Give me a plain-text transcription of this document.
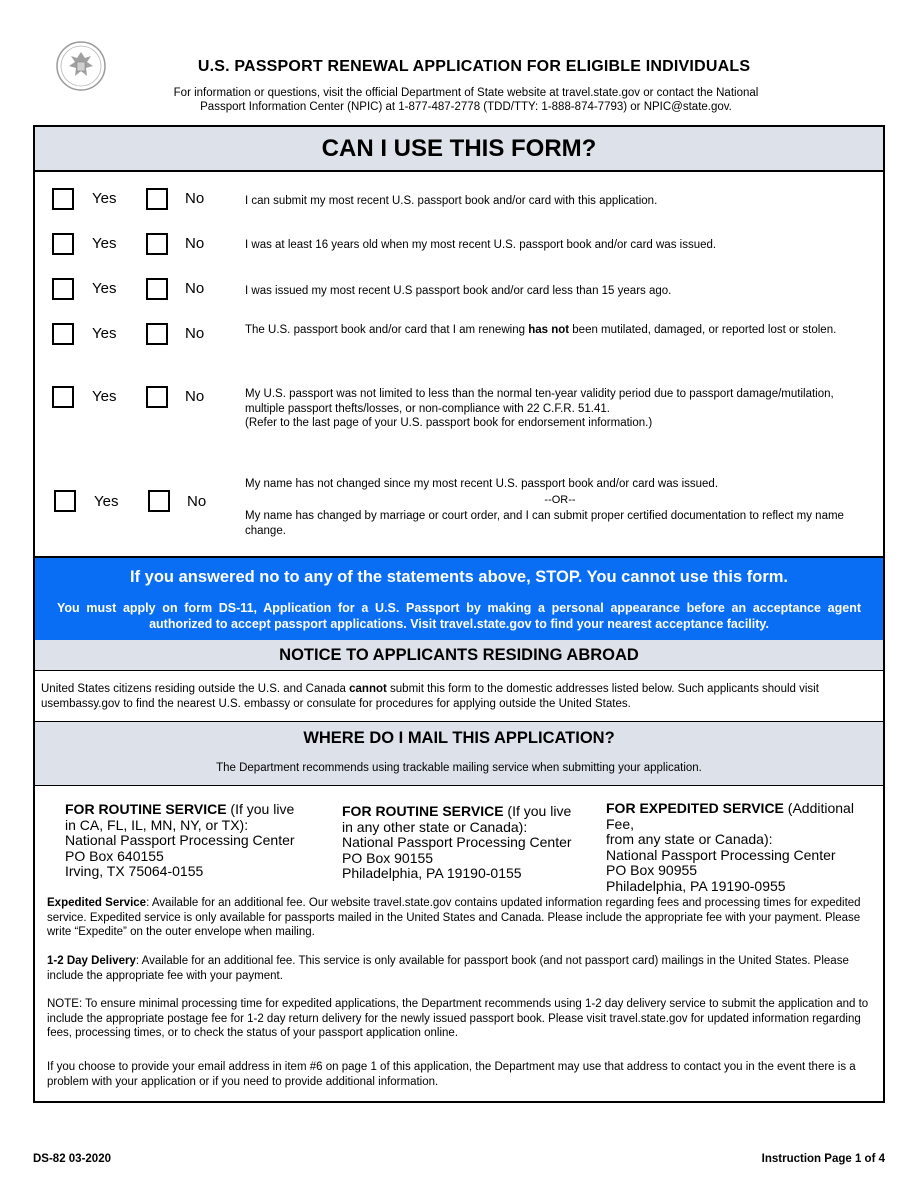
U.S. PASSPORT RENEWAL APPLICATION FOR ELIGIBLE INDIVIDUALS
For information or questions, visit the official Department of State website at travel.state.gov or contact the National
Passport Information Center (NPIC) at 1-877-487-2778 (TDD/TTY: 1-888-874-7793) or NPIC@state.gov.
CAN I USE THIS FORM?
Yes	No	I can submit my most recent U.S. passport book and/or card with this application.
Yes	No	I was at least 16 years old when my most recent U.S. passport book and/or card was issued.
Yes	No	I was issued my most recent U.S passport book and/or card less than 15 years ago.
Yes	No	The U.S. passport book and/or card that I am renewing has not been mutilated, damaged, or reported lost or stolen.
Yes	No	My U.S. passport was not limited to less than the normal ten-year validity period due to passport damage/mutilation, multiple passport thefts/losses, or non-compliance with 22 C.F.R. 51.41.
(Refer to the last page of your U.S. passport book for endorsement information.)
Yes	No
My name has not changed since my most recent U.S. passport book and/or card was issued.
--OR--
My name has changed by marriage or court order, and I can submit proper certified documentation to reflect my name change.
If you answered no to any of the statements above, STOP. You cannot use this form.
You must apply on form DS-11, Application for a U.S. Passport by making a personal appearance before an acceptance agent authorized to accept passport applications. Visit travel.state.gov to find your nearest acceptance facility.
NOTICE TO APPLICANTS RESIDING ABROAD
United States citizens residing outside the U.S. and Canada cannot submit this form to the domestic addresses listed below. Such applicants should visit usembassy.gov to find the nearest U.S. embassy or consulate for procedures for applying outside the United States.
WHERE DO I MAIL THIS APPLICATION?
The Department recommends using trackable mailing service when submitting your application.
FOR ROUTINE SERVICE (If you live
in CA, FL, IL, MN, NY, or TX):
National Passport Processing Center
PO Box 640155
Irving, TX 75064-0155
FOR ROUTINE SERVICE (If you live
in any other state or Canada):
National Passport Processing Center
PO Box 90155
Philadelphia, PA 19190-0155
FOR EXPEDITED SERVICE (Additional Fee,
from any state or Canada):
National Passport Processing Center
PO Box 90955
Philadelphia, PA 19190-0955
Expedited Service: Available for an additional fee. Our website travel.state.gov contains updated information regarding fees and processing times for expedited service. Expedited service is only available for passports mailed in the United States and Canada. Please include the appropriate fee with your payment. Please write “Expedite” on the outer envelope when mailing.
1-2 Day Delivery: Available for an additional fee. This service is only available for passport book (and not passport card) mailings in the United States. Please include the appropriate fee with your payment.
NOTE: To ensure minimal processing time for expedited applications, the Department recommends using 1-2 day delivery service to submit the application and to include the appropriate postage fee for 1-2 day return delivery for the newly issued passport book. Please visit travel.state.gov for updated information regarding fees, processing times, or to check the status of your passport application online.
If you choose to provide your email address in item #6 on page 1 of this application, the Department may use that address to contact you in the event there is a problem with your application or if you need to provide additional information.
DS-82 03-2020	Instruction Page 1 of 4
